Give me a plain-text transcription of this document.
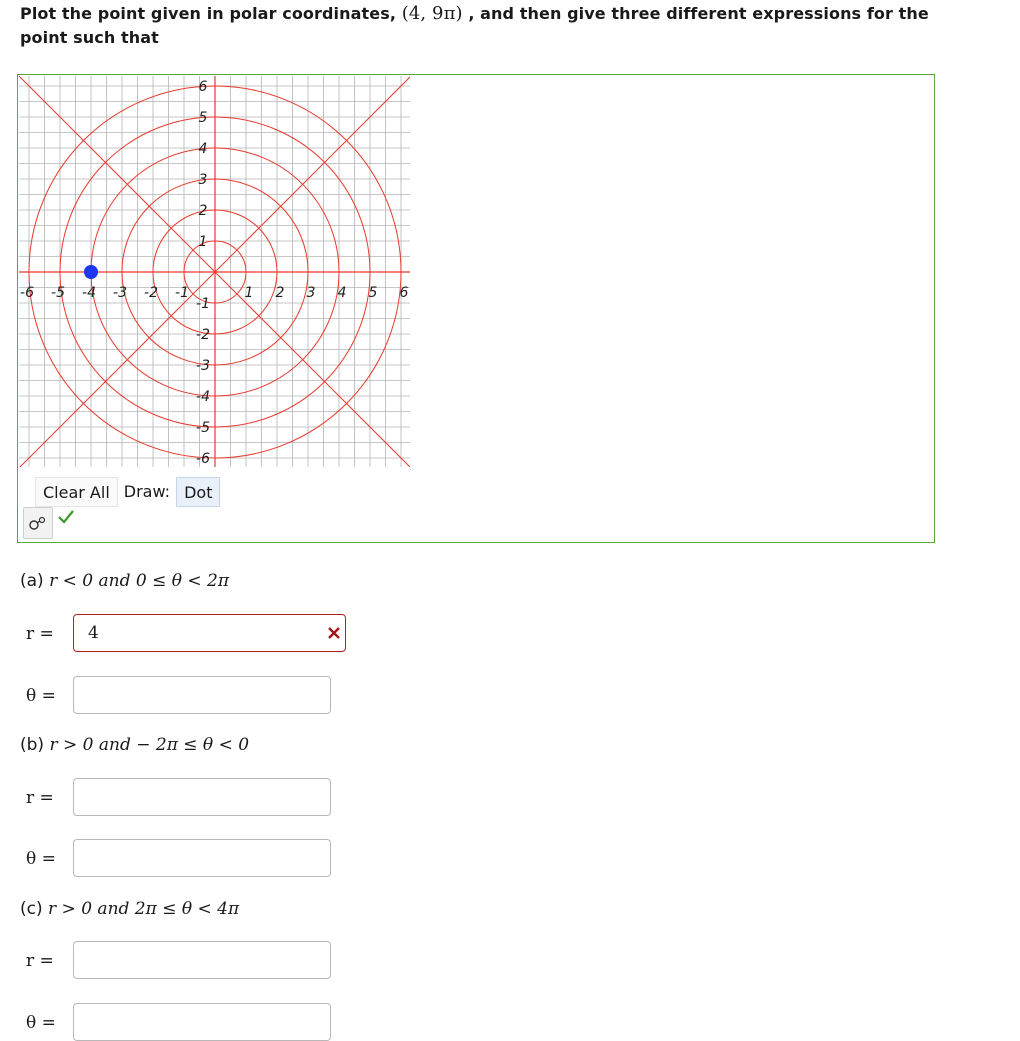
Plot the point given in polar coordinates, (4, 9π) , and then give three different expressions for the point such that
-6 -5 -4 -3 -2 -1	1 2 3 4 5 6
6
5
4
3
2
1
-1
-2
-3
-4
-5
-6
Clear All Draw: Dot
(a) r < 0 and 0 ≤ θ < 2π
r =	4
θ =
(b) r > 0 and − 2π ≤ θ < 0
r =
θ =
(c) r > 0 and 2π ≤ θ < 4π
r =
θ =
